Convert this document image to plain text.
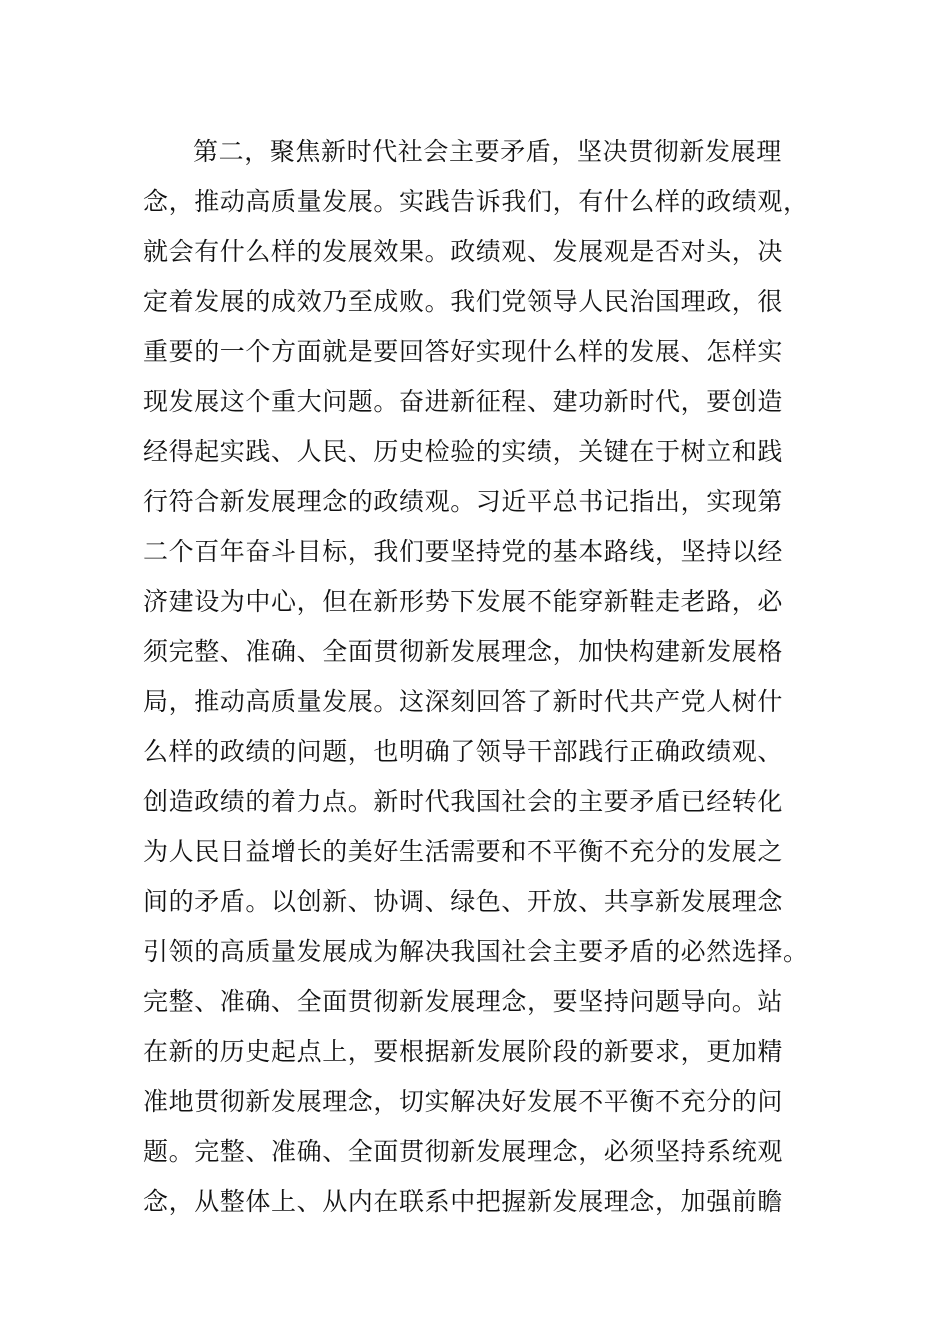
第二，聚焦新时代社会主要矛盾，坚决贯彻新发展理
念，推动高质量发展。实践告诉我们，有什么样的政绩观，
就会有什么样的发展效果。政绩观、发展观是否对头，决
定着发展的成效乃至成败。我们党领导人民治国理政，很
重要的一个方面就是要回答好实现什么样的发展、怎样实
现发展这个重大问题。奋进新征程、建功新时代，要创造
经得起实践、人民、历史检验的实绩，关键在于树立和践
行符合新发展理念的政绩观。习近平总书记指出，实现第
二个百年奋斗目标，我们要坚持党的基本路线，坚持以经
济建设为中心，但在新形势下发展不能穿新鞋走老路，必
须完整、准确、全面贯彻新发展理念，加快构建新发展格
局，推动高质量发展。这深刻回答了新时代共产党人树什
么样的政绩的问题，也明确了领导干部践行正确政绩观、
创造政绩的着力点。新时代我国社会的主要矛盾已经转化
为人民日益增长的美好生活需要和不平衡不充分的发展之
间的矛盾。以创新、协调、绿色、开放、共享新发展理念
引领的高质量发展成为解决我国社会主要矛盾的必然选择。
完整、准确、全面贯彻新发展理念，要坚持问题导向。站
在新的历史起点上，要根据新发展阶段的新要求，更加精
准地贯彻新发展理念，切实解决好发展不平衡不充分的问
题。完整、准确、全面贯彻新发展理念，必须坚持系统观
念，从整体上、从内在联系中把握新发展理念，加强前瞻
